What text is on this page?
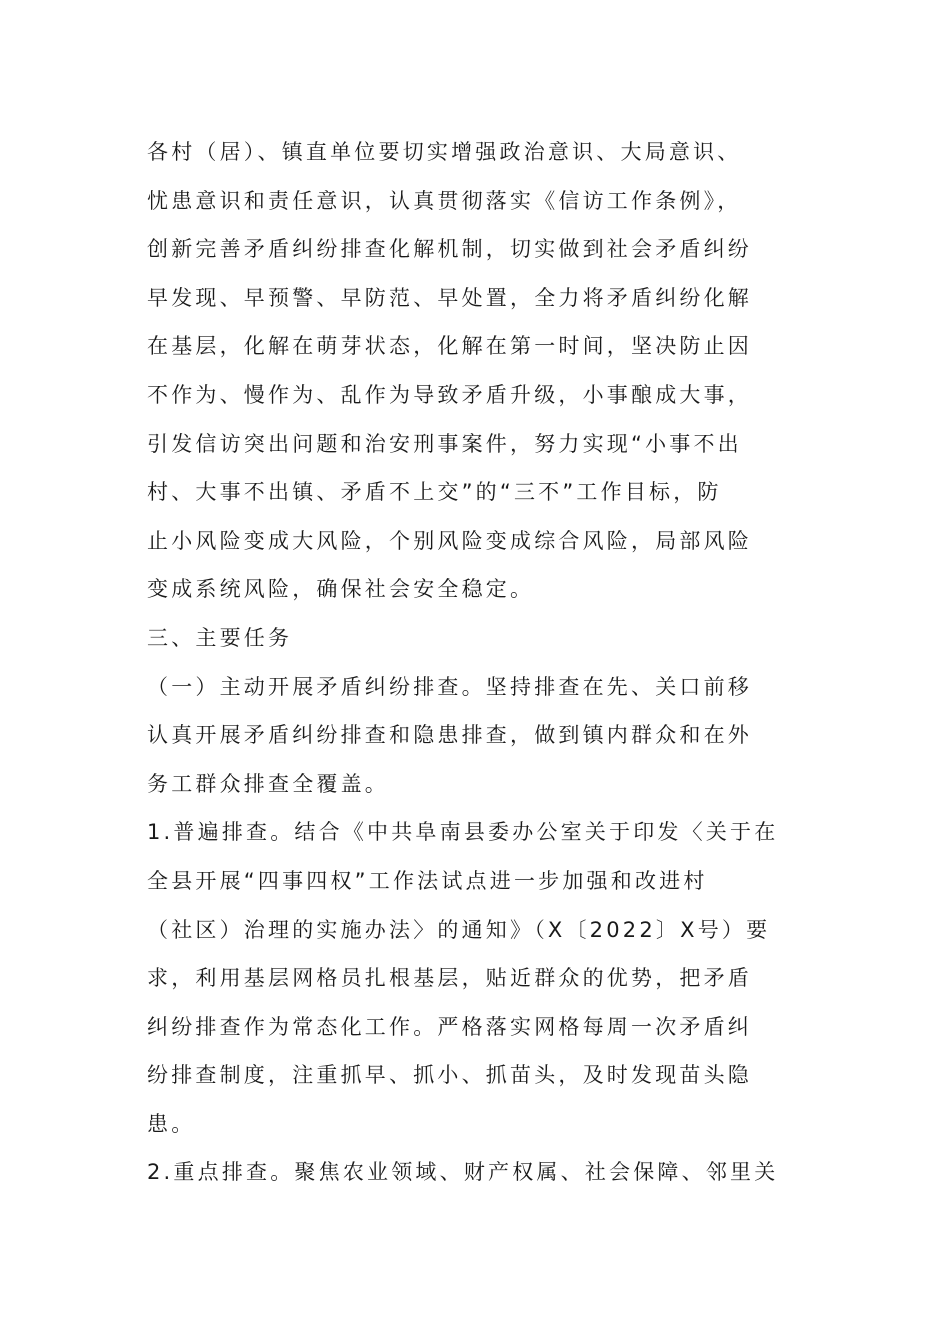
各村（居）、镇直单位要切实增强政治意识、大局意识、
忧患意识和责任意识，认真贯彻落实《信访工作条例》，
创新完善矛盾纠纷排查化解机制，切实做到社会矛盾纠纷
早发现、早预警、早防范、早处置，全力将矛盾纠纷化解
在基层，化解在萌芽状态，化解在第一时间，坚决防止因
不作为、慢作为、乱作为导致矛盾升级，小事酿成大事，
引发信访突出问题和治安刑事案件，努力实现“小事不出
村、大事不出镇、矛盾不上交”的“三不”工作目标，防
止小风险变成大风险，个别风险变成综合风险，局部风险
变成系统风险，确保社会安全稳定。
三、主要任务
（一）主动开展矛盾纠纷排查。坚持排查在先、关口前移
认真开展矛盾纠纷排查和隐患排查，做到镇内群众和在外
务工群众排查全覆盖。
1.普遍排查。结合《中共阜南县委办公室关于印发〈关于在
全县开展“四事四权”工作法试点进一步加强和改进村
（社区）治理的实施办法〉的通知》（X〔2022〕X号）要
求，利用基层网格员扎根基层，贴近群众的优势，把矛盾
纠纷排查作为常态化工作。严格落实网格每周一次矛盾纠
纷排查制度，注重抓早、抓小、抓苗头，及时发现苗头隐
患。
2.重点排查。聚焦农业领域、财产权属、社会保障、邻里关
